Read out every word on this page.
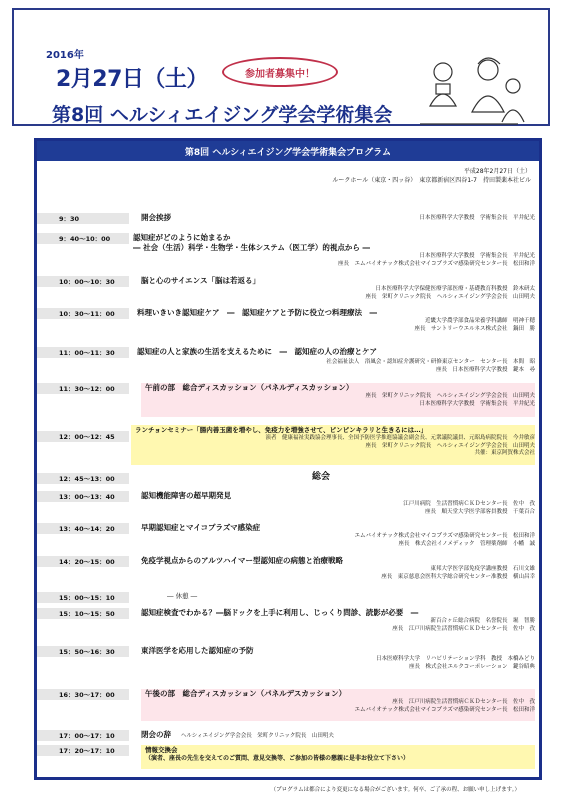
2016年
2月27日（土）	参加者募集中！
第8回 ヘルシィエイジング学会学術集会
第8回 ヘルシィエイジング学会学術集会プログラム
平成28年2月27日（土）
ルークホール（東京・四ッ谷）　東京都新宿区四谷1-7　持田製薬本社ビル
9：30	開会挨拶	日本医療科学大学教授　学術集会長　平井紀光
9：40～10：00	認知症がどのように始まるか
― 社会（生活）科学・生物学・生体システム（医工学）的視点から ―
日本医療科学大学教授　学術集会長　平井紀光
座長　エムバイオテック株式会社マイコプラズマ感染研究センター長　松田和洋
10：00～10：30	脳と心のサイエンス「脳は若返る」
日本医療科学大学保健医療学部医療・基礎教育科教授　鈴木研太
座長　栄町クリニック院長　ヘルシィエイジング学会会長　山田明夫
10：30～11：00	料理いきいき認知症ケア　―　認知症ケアと予防に役立つ料理療法　―
近畿大学農学部食品栄養学科講師　明神千穂
座長　サントリーウエルネス株式会社　鍋田　勝
11：00～11：30	認知症の人と家族の生活を支えるために　―　認知症の人の治療とケア
社会福祉法人　浴風会・認知症介護研究・研修東京センター　センター長　本間　昭
座長　日本医療科学大学教授　鍵本　尋
11：30～12：00	午前の部　総合ディスカッション（パネルディスカッション）
座長　栄町クリニック院長　ヘルシィエイジング学会会長　山田明夫
日本医療科学大学教授　学術集会長　平井紀光
12：00～12：45
ランチョンセミナー「腸内善玉菌を増やし、免疫力を増強させて、ピンピンキラリと生きるには…」
演者　健康福祉実践協会理事長、全国予防医学推進協議会副会長、元衆議院議員、元昭島病院院長　今井敏彦
座長　栄町クリニック院長　ヘルシィエイジング学会会長　山田明夫
共催：東京阿賀株式会社
12：45～13：00	総会
13：00～13：40	認知機能障害の超早期発見
江戸川病院　生活習慣病ＣＫＤセンター長　佐中　孜
座長　順天堂大学医学部客員教授　千葉百合
13：40～14：20	早期認知症とマイコプラズマ感染症
エムバイオテック株式会社マイコプラズマ感染研究センター長　松田和洋
座長　株式会社イノメディック　管理薬剤師　小幡　誠
14：20～15：00	免疫学視点からのアルツハイマー型認知症の病態と治療戦略
東邦大学医学部免疫学講座教授　石川文雄
座長　東京慈恵会医科大学総合研究センター准教授　横山昌幸
15：00～15：10	― 休憩 ―
15：10～15：50	認知症検査でわかる？―脳ドックを上手に利用し、じっくり問診、読影が必要　―
新百合ヶ丘総合病院　名誉院長　堀　智勝
座長　江戸川病院生活習慣病ＣＫＤセンター長　佐中　孜
15：50～16：30	東洋医学を応用した認知症の予防
日本医療科学大学　リハビリテーション学科　教授　本橋みどり
座長　株式会社エルクコーポレーション　鍵谷昭典
16：30～17：00	午後の部　総合ディスカッション（パネルデスカッション）
座長　江戸川病院生活習慣病ＣＫＤセンター長　佐中　孜
エムバイオテック株式会社マイコプラズマ感染研究センター長　松田和洋
17：00～17：10	閉会の辞 ヘルシィエイジング学会会長　栄町クリニック院長　山田明夫
17：20～17：10	情報交換会
（演者、座長の先生を交えてのご質問、意見交換等、ご参加の皆様の懇親に是非お役立て下さい）
（プログラムは都合により変更になる場合がございます。何卒、ご了承の程、お願い申し上げます。）
